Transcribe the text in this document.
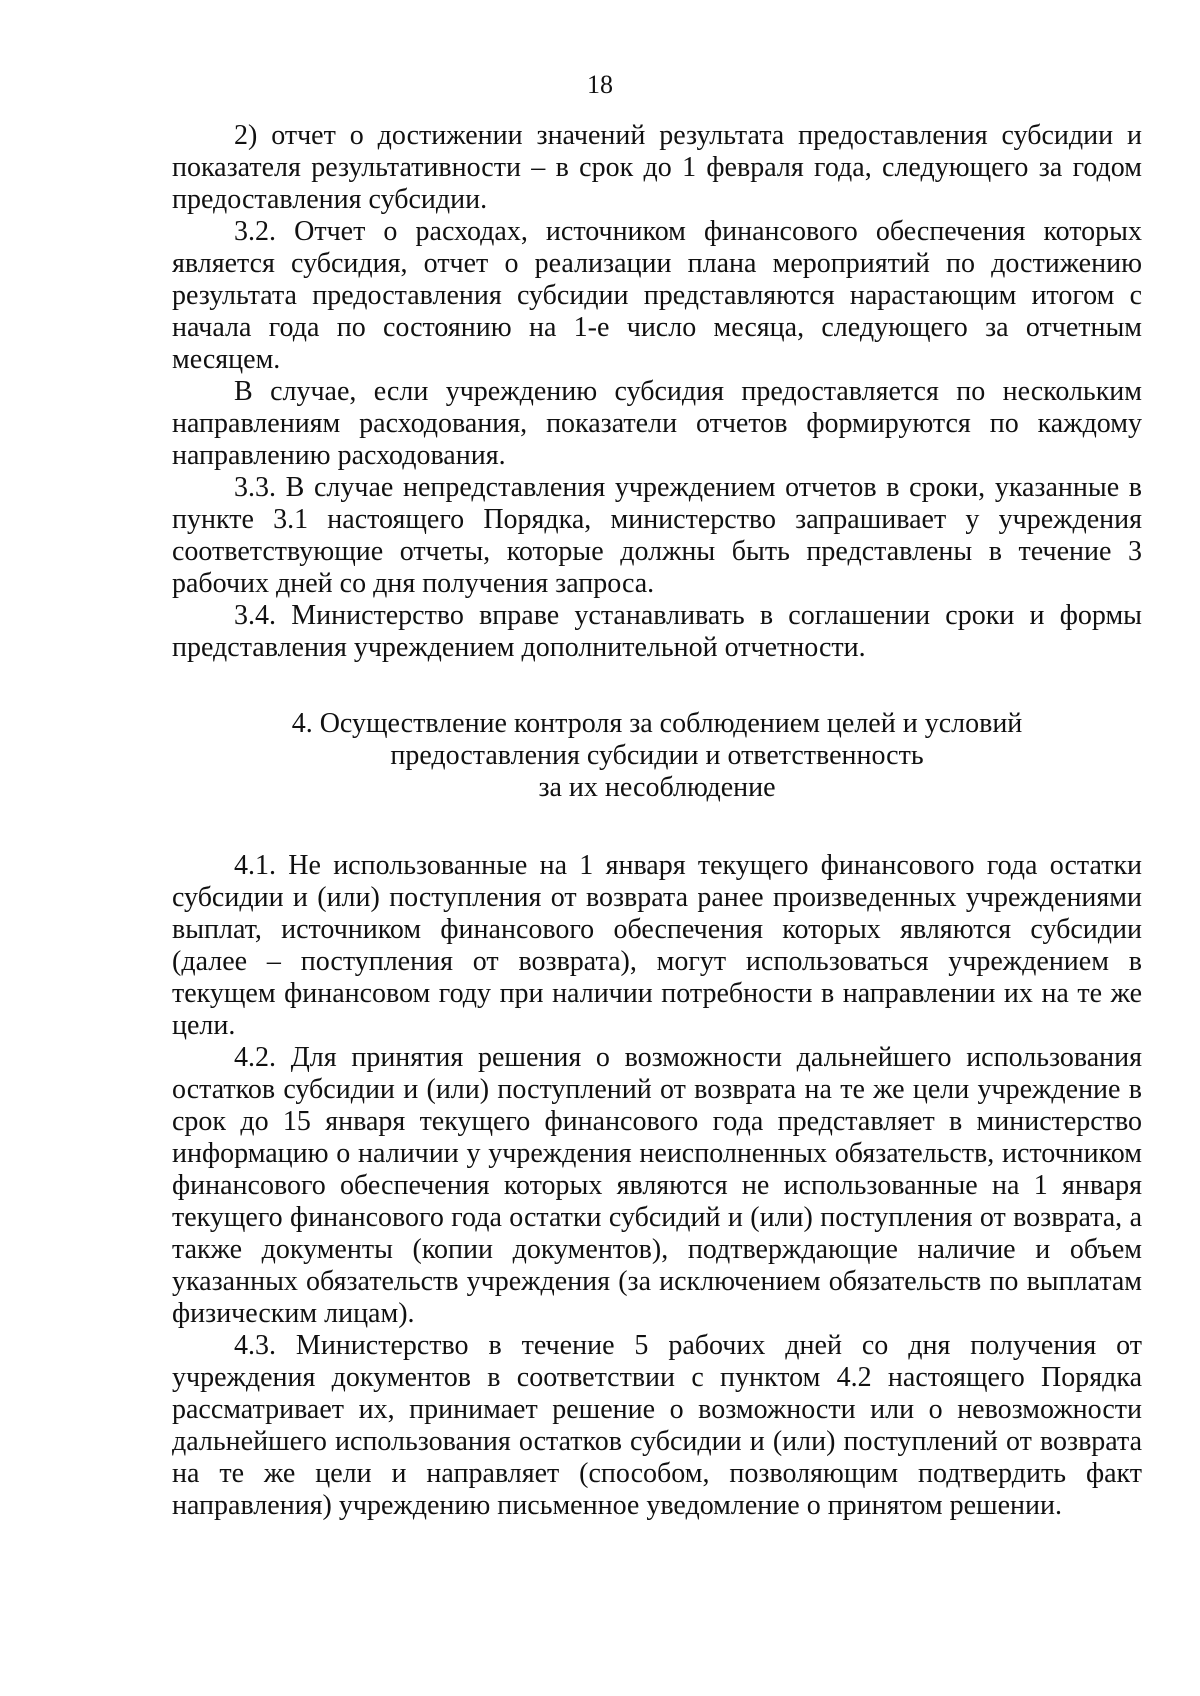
18

2) отчет о достижении значений результата предоставления субсидии и показателя результативности – в срок до 1 февраля года, следующего за годом предоставления субсидии.

3.2. Отчет о расходах, источником финансового обеспечения которых является субсидия, отчет о реализации плана мероприятий по достижению результата предоставления субсидии представляются нарастающим итогом с начала года по состоянию на 1-е число месяца, следующего за отчетным месяцем.

В случае, если учреждению субсидия предоставляется по нескольким направлениям расходования, показатели отчетов формируются по каждому направлению расходования.

3.3. В случае непредставления учреждением отчетов в сроки, указанные в пункте 3.1 настоящего Порядка, министерство запрашивает у учреждения соответствующие отчеты, которые должны быть представлены в течение 3 рабочих дней со дня получения запроса.

3.4. Министерство вправе устанавливать в соглашении сроки и формы представления учреждением дополнительной отчетности.

4. Осуществление контроля за соблюдением целей и условий
предоставления субсидии и ответственность
за их несоблюдение

4.1. Не использованные на 1 января текущего финансового года остатки субсидии и (или) поступления от возврата ранее произведенных учреждениями выплат, источником финансового обеспечения которых являются субсидии (далее – поступления от возврата), могут использоваться учреждением в текущем финансовом году при наличии потребности в направлении их на те же цели.

4.2. Для принятия решения о возможности дальнейшего использования остатков субсидии и (или) поступлений от возврата на те же цели учреждение в срок до 15 января текущего финансового года представляет в министерство информацию о наличии у учреждения неисполненных обязательств, источником финансового обеспечения которых являются не использованные на 1 января текущего финансового года остатки субсидий и (или) поступления от возврата, а также документы (копии документов), подтверждающие наличие и объем указанных обязательств учреждения (за исключением обязательств по выплатам физическим лицам).

4.3. Министерство в течение 5 рабочих дней со дня получения от учреждения документов в соответствии с пунктом 4.2 настоящего Порядка рассматривает их, принимает решение о возможности или о невозможности дальнейшего использования остатков субсидии и (или) поступлений от возврата на те же цели и направляет (способом, позволяющим подтвердить факт направления) учреждению письменное уведомление о принятом решении.
